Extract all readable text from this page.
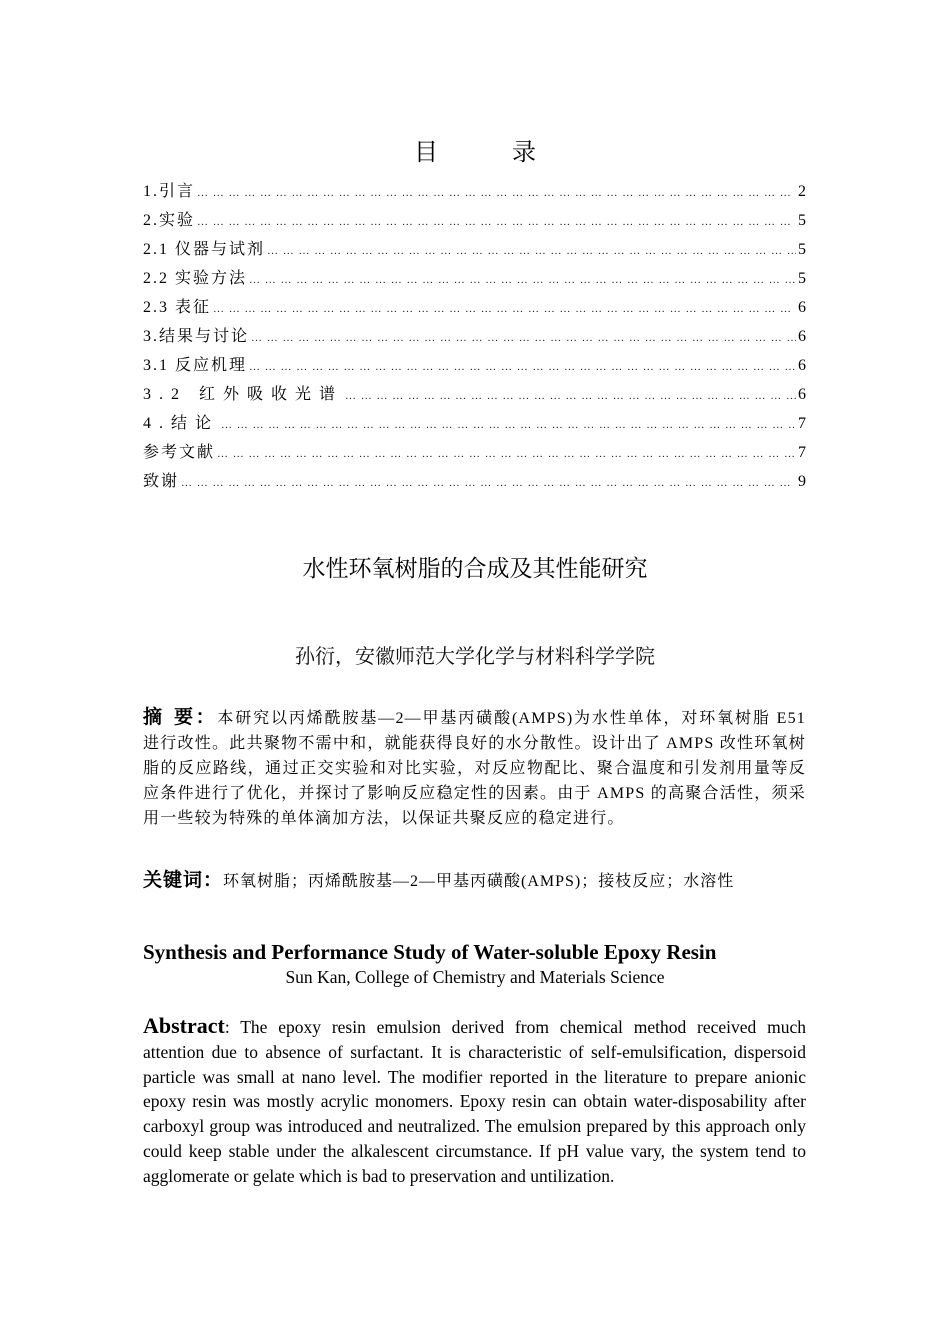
目 录
1.引言 … … … … … … … … … … … … … … … … … … … … … … … … … … … … … … … … … … … … … … … … … … … … … … … … … … … … … … … … … … … … … … … … … … … … … … … … … … … … … … … … … … … … … …	2
2.实验 … … … … … … … … … … … … … … … … … … … … … … … … … … … … … … … … … … … … … … … … … … … … … … … … … … … … … … … … … … … … … … … … … … … … … … … … … … … … … … … … … … … … … …	5
2.1 仪器与试剂 … … … … … … … … … … … … … … … … … … … … … … … … … … … … … … … … … … … … … … … … … … … … … … … … … … … … … … … … … … … … … … … … … … … … … … … … … … … … … … … … … … … … … …	5
2.2 实验方法 … … … … … … … … … … … … … … … … … … … … … … … … … … … … … … … … … … … … … … … … … … … … … … … … … … … … … … … … … … … … … … … … … … … … … … … … … … … … … … … … … … … … … …	5
2.3 表征 … … … … … … … … … … … … … … … … … … … … … … … … … … … … … … … … … … … … … … … … … … … … … … … … … … … … … … … … … … … … … … … … … … … … … … … … … … … … … … … … … … … … … …	6
3.结果与讨论 … … … … … … … … … … … … … … … … … … … … … … … … … … … … … … … … … … … … … … … … … … … … … … … … … … … … … … … … … … … … … … … … … … … … … … … … … … … … … … … … … … … … … …	6
3.1 反应机理 … … … … … … … … … … … … … … … … … … … … … … … … … … … … … … … … … … … … … … … … … … … … … … … … … … … … … … … … … … … … … … … … … … … … … … … … … … … … … … … … … … … … … …	6
3.2 红外吸收光谱 … … … … … … … … … … … … … … … … … … … … … … … … … … … … … … … … … … … … … … … … … … … … … … … … … … … … … … … … … … … … … … … … … … … … … … … … … … … … … … … … … … … … … …	6
4.结论 … … … … … … … … … … … … … … … … … … … … … … … … … … … … … … … … … … … … … … … … … … … … … … … … … … … … … … … … … … … … … … … … … … … … … … … … … … … … … … … … … … … … … …	7
参考文献 … … … … … … … … … … … … … … … … … … … … … … … … … … … … … … … … … … … … … … … … … … … … … … … … … … … … … … … … … … … … … … … … … … … … … … … … … … … … … … … … … … … … … …	7
致谢 … … … … … … … … … … … … … … … … … … … … … … … … … … … … … … … … … … … … … … … … … … … … … … … … … … … … … … … … … … … … … … … … … … … … … … … … … … … … … … … … … … … … … …	9
水性环氧树脂的合成及其性能研究
孙衍，安徽师范大学化学与材料科学学院
摘 要：本研究以丙烯酰胺基—2—甲基丙磺酸(AMPS)为水性单体，对环氧树脂 E51 进行改性。此共聚物不需中和，就能获得良好的水分散性。设计出了 AMPS 改性环氧树脂的反应路线，通过正交实验和对比实验，对反应物配比、聚合温度和引发剂用量等反应条件进行了优化，并探讨了影响反应稳定性的因素。由于 AMPS 的高聚合活性，须采用一些较为特殊的单体滴加方法，以保证共聚反应的稳定进行。
关键词：环氧树脂；丙烯酰胺基—2—甲基丙磺酸(AMPS)；接枝反应；水溶性
Synthesis and Performance Study of Water-soluble Epoxy Resin
Sun Kan, College of Chemistry and Materials Science
Abstract: The epoxy resin emulsion derived from chemical method received much attention due to absence of surfactant. It is characteristic of self-emulsification, dispersoid particle was small at nano level. The modifier reported in the literature to prepare anionic epoxy resin was mostly acrylic monomers. Epoxy resin can obtain water-disposability after carboxyl group was introduced and neutralized. The emulsion prepared by this approach only could keep stable under the alkalescent circumstance. If pH value vary, the system tend to agglomerate or gelate which is bad to preservation and untilization.
